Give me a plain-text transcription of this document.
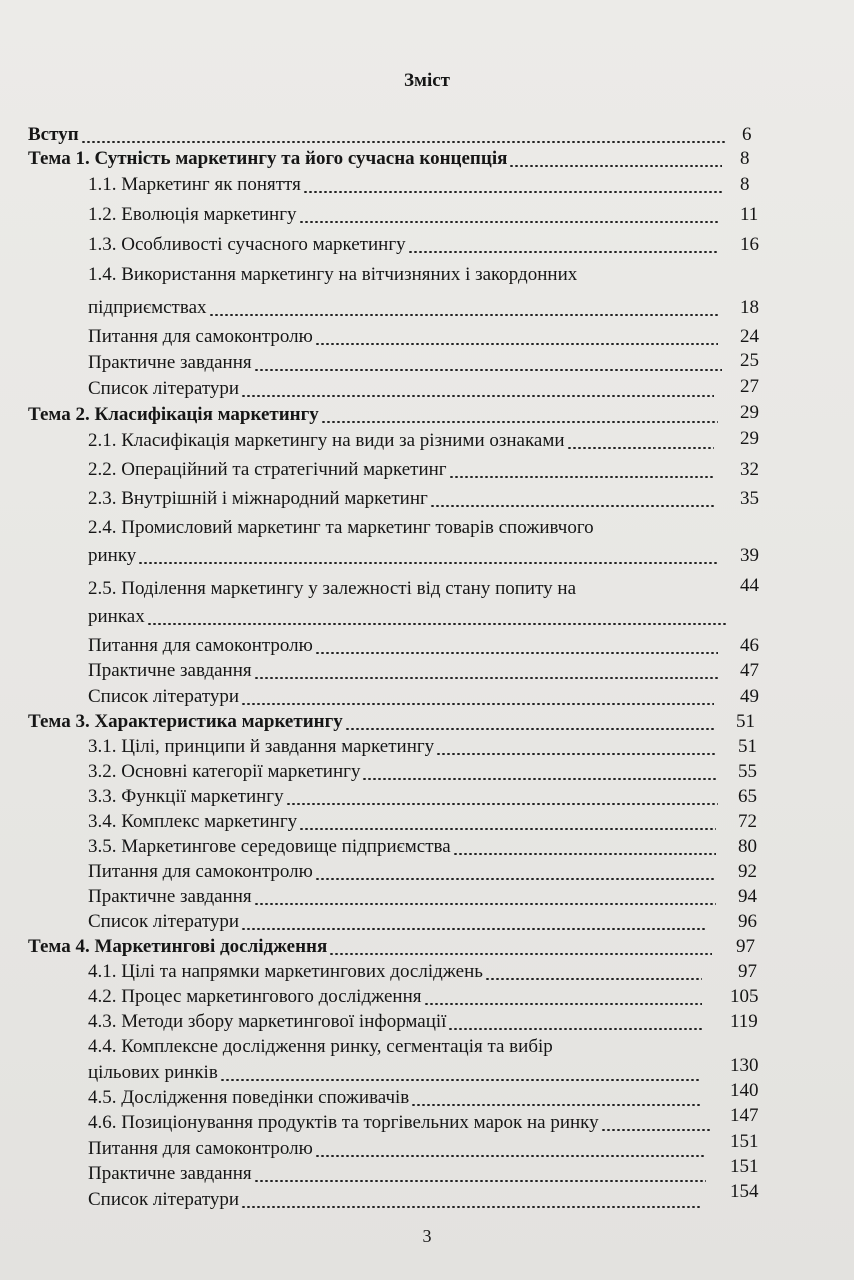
Зміст
Вступ	6
Тема 1. Сутність маркетингу та його сучасна концепція	8
1.1. Маркетинг як поняття	8
1.2. Еволюція маркетингу	11
1.3. Особливості сучасного маркетингу	16
1.4. Використання маркетингу на вітчизняних і закордонних
підприємствах	18
Питання для самоконтролю	24
Практичне завдання	25
Список літератури	27
Тема 2. Класифікація маркетингу	29
2.1. Класифікація маркетингу на види за різними ознаками	29
2.2. Операційний та стратегічний маркетинг	32
2.3. Внутрішній і міжнародний маркетинг	35
2.4. Промисловий маркетинг та маркетинг товарів споживчого
ринку	39
2.5. Поділення маркетингу у залежності від стану попиту на	44
ринках
Питання для самоконтролю	46
Практичне завдання	47
Список літератури	49
Тема 3. Характеристика маркетингу	51
3.1. Цілі, принципи й завдання маркетингу	51
3.2. Основні категорії маркетингу	55
3.3. Функції маркетингу	65
3.4. Комплекс маркетингу	72
3.5. Маркетингове середовище підприємства	80
Питання для самоконтролю	92
Практичне завдання	94
Список літератури	96
Тема 4. Маркетингові дослідження	97
4.1. Цілі та напрямки маркетингових досліджень	97
4.2. Процес маркетингового дослідження	105
4.3. Методи збору маркетингової інформації	119
4.4. Комплексне дослідження ринку, сегментація та вибір
цільових ринків	130
4.5. Дослідження поведінки споживачів	140
4.6. Позиціонування продуктів та торгівельних марок на ринку	147
Питання для самоконтролю	151
Практичне завдання	151
Список літератури	154
3
